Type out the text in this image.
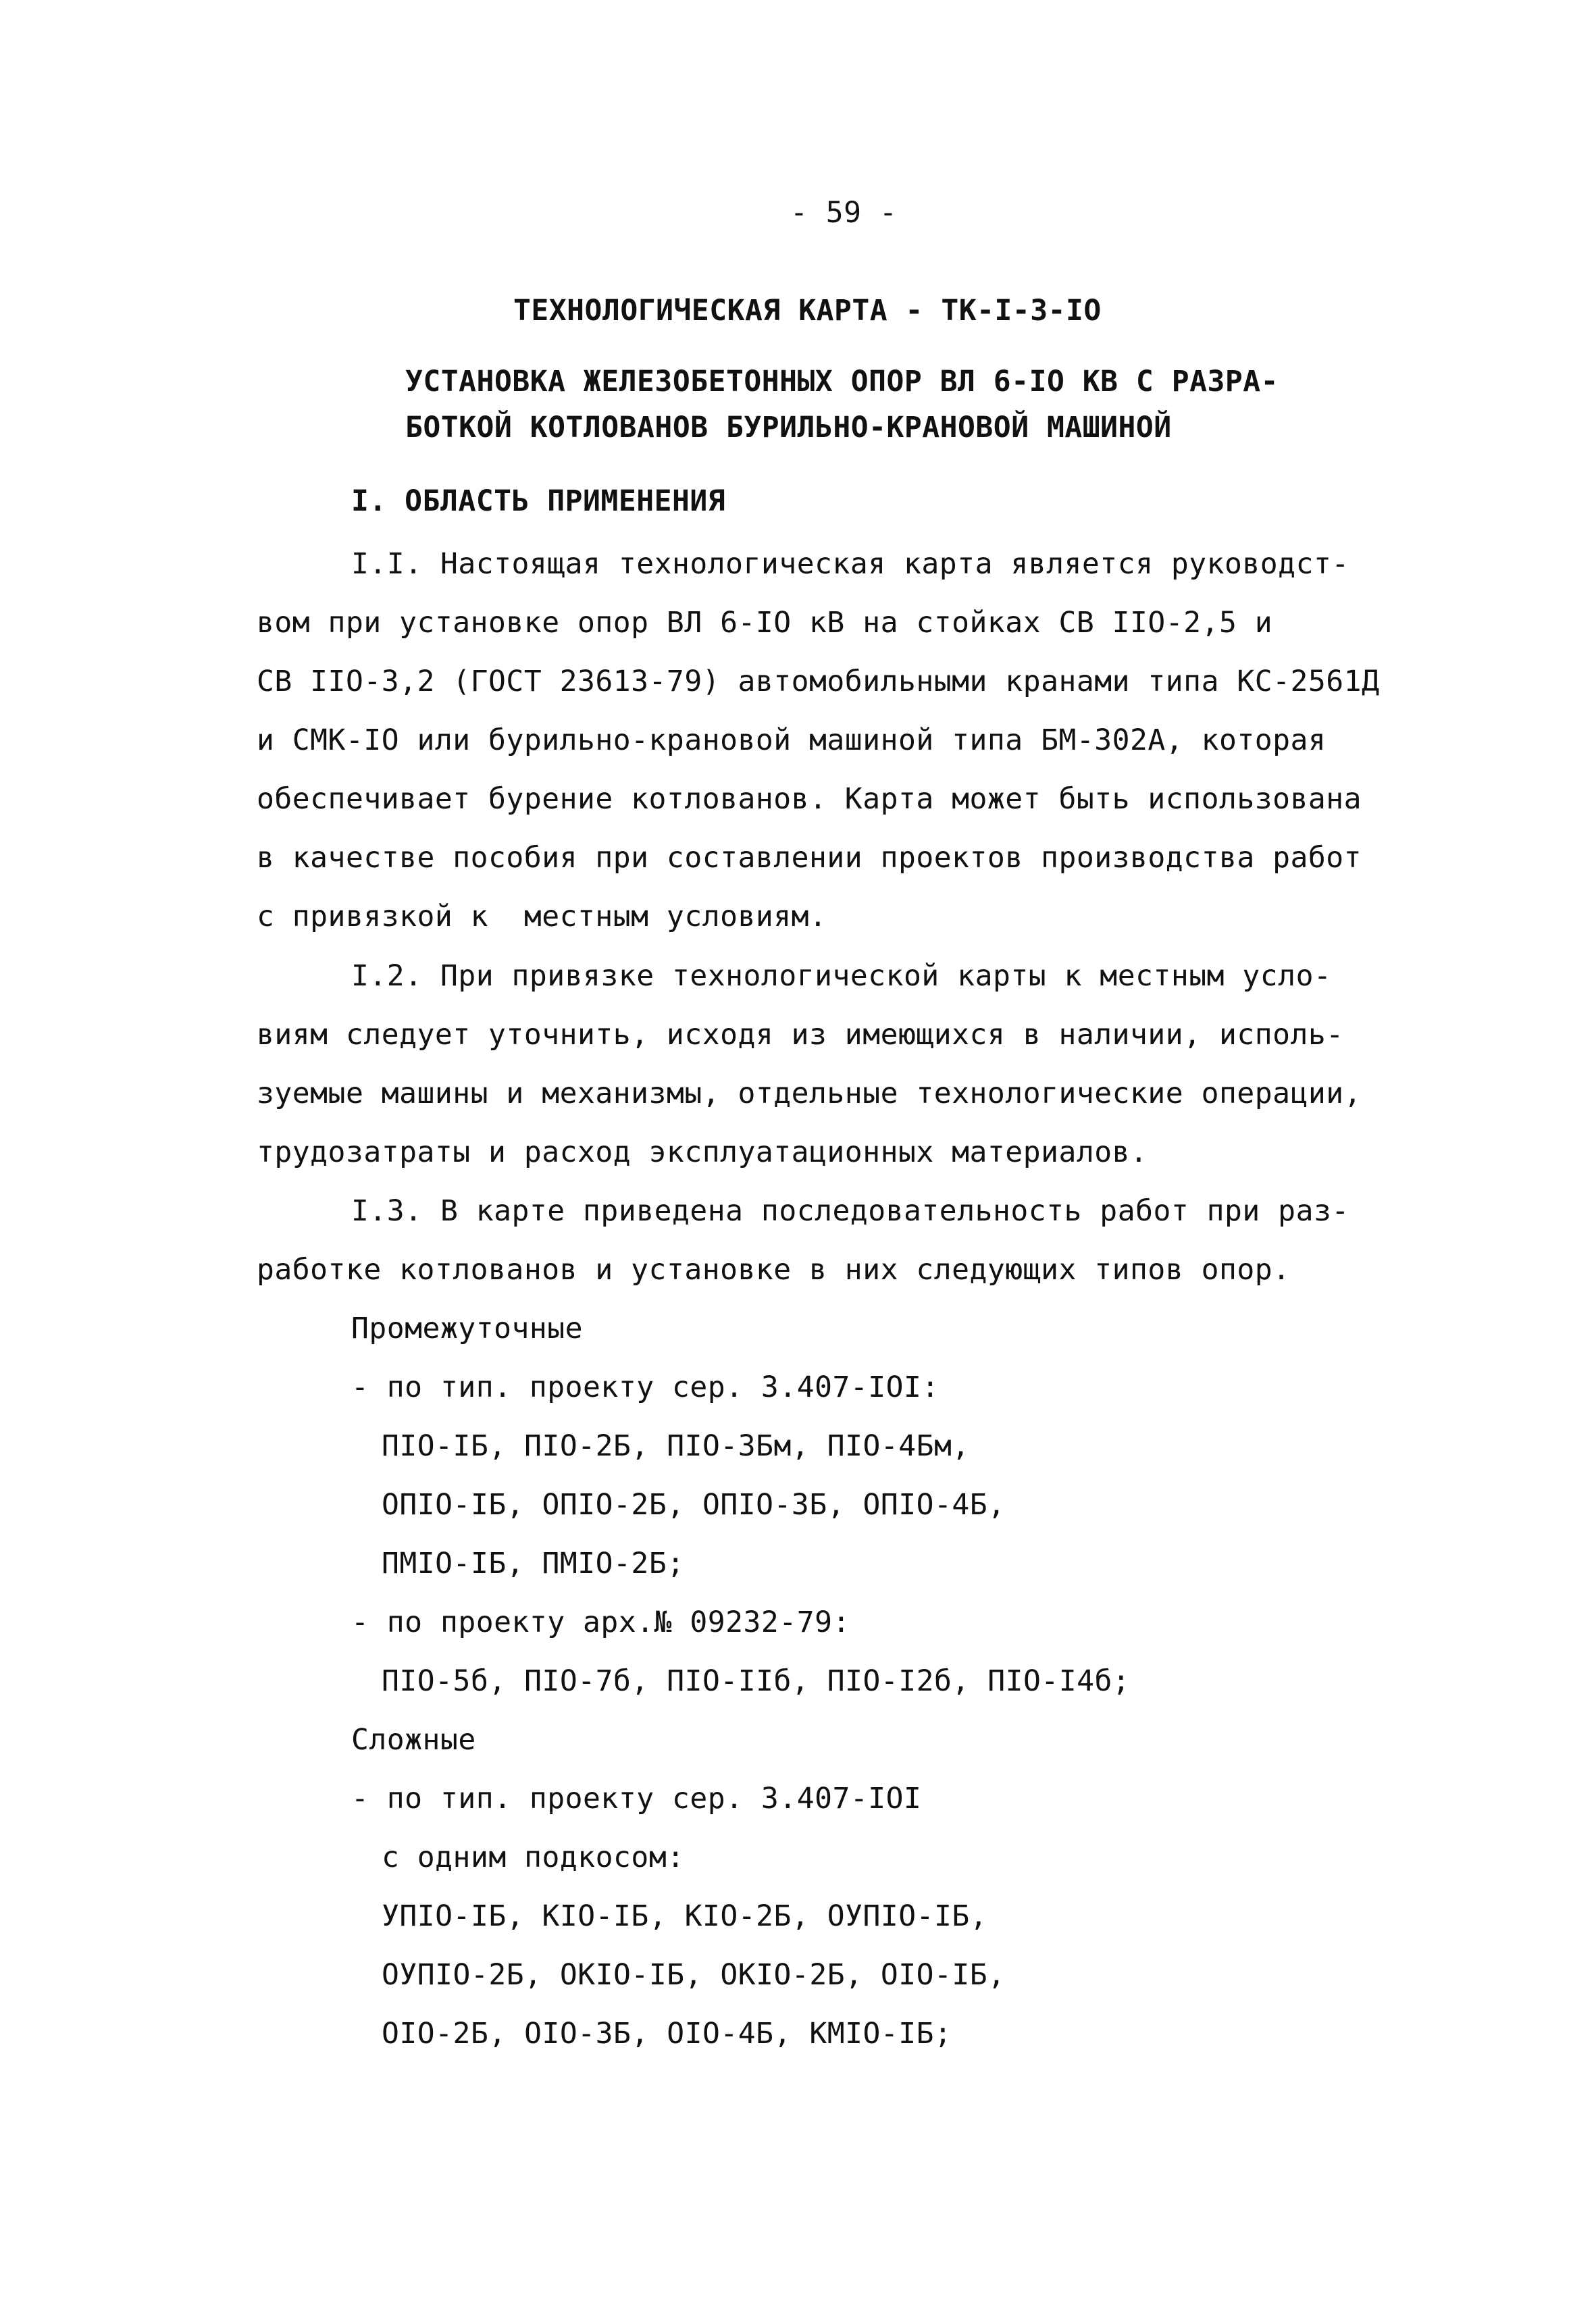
- 59 -
ТЕХНОЛОГИЧЕСКАЯ КАРТА - ТК-I-3-IO
УСТАНОВКА ЖЕЛЕЗОБЕТОННЫХ ОПОР ВЛ 6-IO КВ С РАЗРА-
БОТКОЙ КОТЛОВАНОВ БУРИЛЬНО-КРАНОВОЙ МАШИНОЙ
I. ОБЛАСТЬ ПРИМЕНЕНИЯ
I.I. Настоящая технологическая карта является руководст-
вом при установке опор ВЛ 6-IO кВ на стойках СВ IIO-2,5 и
СВ IIO-3,2 (ГОСТ 23613-79) автомобильными кранами типа КС-2561Д
и СМК-IO или бурильно-крановой машиной типа БМ-302А, которая
обеспечивает бурение котлованов. Карта может быть использована
в качестве пособия при составлении проектов производства работ
с привязкой к  местным условиям.
I.2. При привязке технологической карты к местным усло-
виям следует уточнить, исходя из имеющихся в наличии, исполь-
зуемые машины и механизмы, отдельные технологические операции,
трудозатраты и расход эксплуатационных материалов.
I.3. В карте приведена последовательность работ при раз-
работке котлованов и установке в них следующих типов опор.
Промежуточные
- по тип. проекту сер. 3.407-IOI:
ПIO-IБ, ПIO-2Б, ПIO-3Бм, ПIO-4Бм,
ОПIO-IБ, ОПIO-2Б, ОПIO-3Б, ОПIO-4Б,
ПМIO-IБ, ПМIO-2Б;
- по проекту арх.№ 09232-79:
ПIO-5б, ПIO-7б, ПIO-IIб, ПIO-I2б, ПIO-I4б;
Сложные
- по тип. проекту сер. 3.407-IOI
с одним подкосом:
УПIO-IБ, КIO-IБ, КIO-2Б, ОУПIO-IБ,
ОУПIO-2Б, ОКIO-IБ, ОКIO-2Б, OIO-IБ,
OIO-2Б, OIO-3Б, OIO-4Б, КМIO-IБ;
